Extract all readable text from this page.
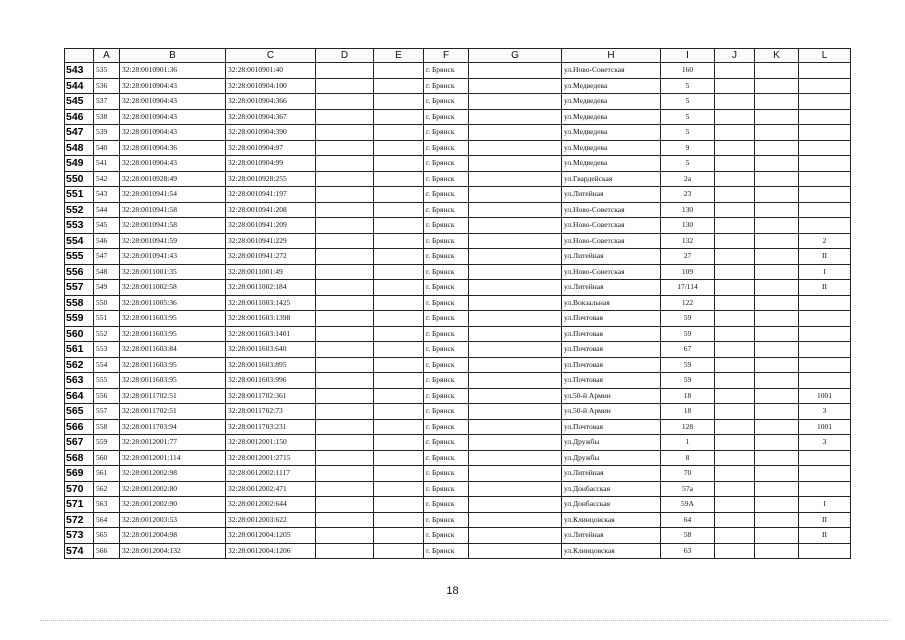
	A	B	C	D	E	F	G	H	I	J	K	L
543	535	32:28:0010901:36	32:28:0010901:40			г. Брянск		ул.Ново-Советская	160			
544	536	32:28:0010904:43	32:28:0010904:100			г. Брянск		ул.Медведева	5			
545	537	32:28:0010904:43	32:28:0010904:366			г. Брянск		ул.Медведева	5			
546	538	32:28:0010904:43	32:28:0010904:367			г. Брянск		ул.Медведева	5			
547	539	32:28:0010904:43	32:28:0010904:390			г. Брянск		ул.Медведева	5			
548	540	32:28:0010904:36	32:28:0010904:97			г. Брянск		ул.Медведева	9			
549	541	32:28:0010904:43	32:28:0010904:99			г. Брянск		ул.Медведева	5			
550	542	32:28:0010928:49	32:28:0010928:255			г. Брянск		ул.Гвардейская	2а			
551	543	32:28:0010941:54	32:28:0010941:197			г. Брянск		ул.Литейная	23			
552	544	32:28:0010941:58	32:28:0010941:208			г. Брянск		ул.Ново-Советская	130			
553	545	32:28:0010941:58	32:28:0010941:209			г. Брянск		ул.Ново-Советская	130			
554	546	32:28:0010941:59	32:28:0010941:229			г. Брянск		ул.Ново-Советская	132			2
555	547	32:28:0010941:43	32:28:0010941:272			г. Брянск		ул.Литейная	27			II
556	548	32:28:0011001:35	32:28:0011001:49			г. Брянск		ул.Ново-Советская	109			I
557	549	32:28:0011002:58	32:28:0011002:184			г. Брянск		ул.Литейная	17/114			II
558	550	32:28:0011005:36	32:28:0011003:1425			г. Брянск		ул.Вокзальная	122			
559	551	32:28:0011603:95	32:28:0011603:1398			г. Брянск		ул.Почтовая	59			
560	552	32:28:0011603:95	32:28:0011603:1401			г. Брянск		ул.Почтовая	59			
561	553	32:28:0011603:84	32:28:0011603:640			г. Брянск		ул.Почтовая	67			
562	554	32:28:0011603:95	32:28:0011603:895			г. Брянск		ул.Почтовая	59			
563	555	32:28:0011603:95	32:28:0011603:996			г. Брянск		ул.Почтовая	59			
564	556	32:28:0011702:51	32:28:0011702:361			г. Брянск		ул.50-й Армии	18			1001
565	557	32:28:0011702:51	32:28:0011702:73			г. Брянск		ул.50-й Армии	18			3
566	558	32:28:0011703:94	32:28:0011703:231			г. Брянск		ул.Почтовая	128			1001
567	559	32:28:0012001:77	32:28:0012001:150			г. Брянск		ул.Дружбы	1			3
568	560	32:28:0012001:114	32:28:0012001:2715			г. Брянск		ул.Дружбы	8			
569	561	32:28:0012002:98	32:28:0012002:1117			г. Брянск		ул.Литейная	70			
570	562	32:28:0012002:80	32:28:0012002:471			г. Брянск		ул.Донбасская	57а			
571	563	32:28:0012002:90	32:28:0012002:644			г. Брянск		ул.Донбасская	59А			I
572	564	32:28:0012003:53	32:28:0012003:622			г. Брянск		ул.Клинцовская	64			II
573	565	32:28:0012004:98	32:28:0012004:1205			г. Брянск		ул.Литейная	58			II
574	566	32:28:0012004:132	32:28:0012004:1206			г. Брянск		ул.Клинцовская	63			
18
